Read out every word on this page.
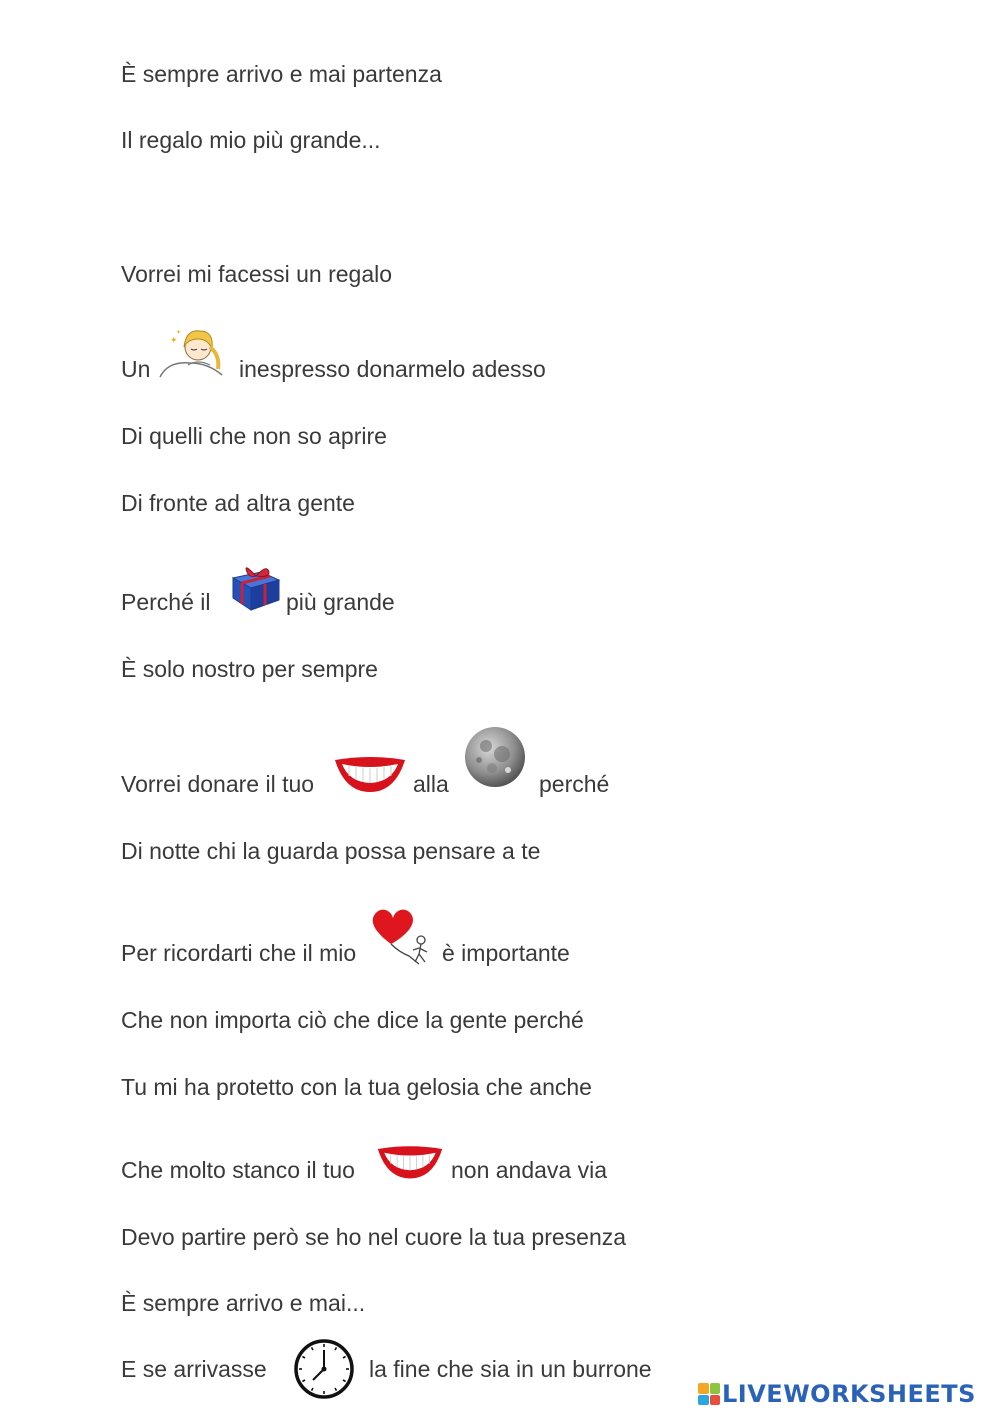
È sempre arrivo e mai partenza
Il regalo mio più grande...
Vorrei mi facessi un regalo
Un	inespresso donarmelo adesso
Di quelli che non so aprire
Di fronte ad altra gente
Perché il	più grande
È solo nostro per sempre
Vorrei donare il tuo	alla	perché
Di notte chi la guarda possa pensare a te
Per ricordarti che il mio	è importante
Che non importa ciò che dice la gente perché
Tu mi ha protetto con la tua gelosia che anche
Che molto stanco il tuo	non andava via
Devo partire però se ho nel cuore la tua presenza
È sempre arrivo e mai...
E se arrivasse	la fine che sia in un burrone
✦
✦
LIVEWORKSHEETS
